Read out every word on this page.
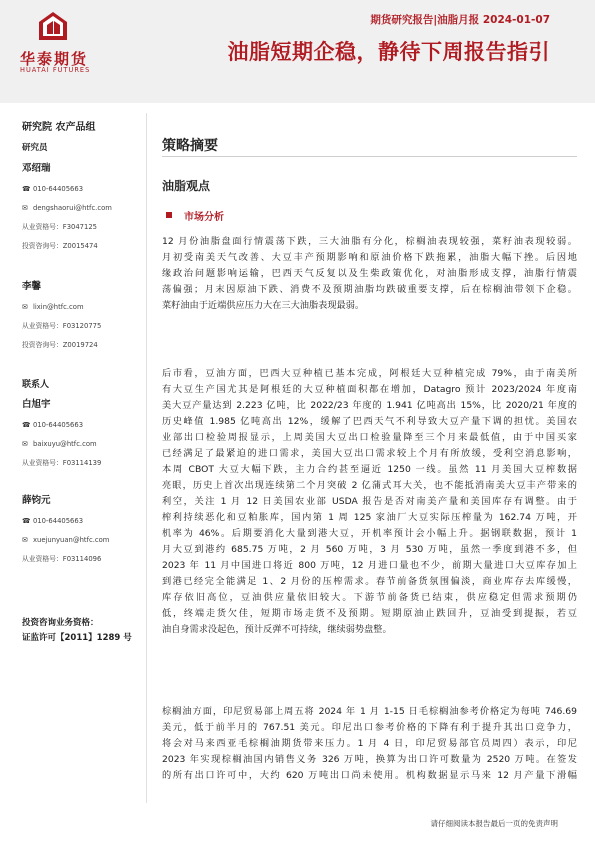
华泰期货
HUATAI FUTURES
期货研究报告|油脂月报 2024-01-07
油脂短期企稳，静待下周报告指引
研究院 农产品组
研究员
邓绍瑞
☎ 010-64405663
✉ dengshaorui@htfc.com
从业资格号：F3047125
投资咨询号：Z0015474
李馨
✉ lixin@htfc.com
从业资格号：F03120775
投资咨询号：Z0019724
联系人
白旭宇
☎ 010-64405663
✉ baixuyu@htfc.com
从业资格号：F03114139
薛钧元
☎ 010-64405663
✉ xuejunyuan@htfc.com
从业资格号：F03114096
投资咨询业务资格：
证监许可【2011】1289 号
策略摘要
油脂观点
市场分析
12 月份油脂盘面行情震荡下跌，三大油脂有分化，棕榈油表现较强，菜籽油表现较弱。
月初受南美天气改善、大豆丰产预期影响和原油价格下跌拖累，油脂大幅下挫。后因地
缘政治问题影响运输，巴西天气反复以及生柴政策优化，对油脂形成支撑，油脂行情震
荡偏强；月末因原油下跌、消费不及预期油脂均跌破重要支撑，后在棕榈油带领下企稳。
菜籽油由于近端供应压力大在三大油脂表现最弱。
后市看，豆油方面，巴西大豆种植已基本完成，阿根廷大豆种植完成 79%，由于南美所
有大豆生产国尤其是阿根廷的大豆种植面积都在增加，Datagro 预计 2023/2024 年度南
美大豆产量达到 2.223 亿吨，比 2022/23 年度的 1.941 亿吨高出 15%，比 2020/21 年度的
历史峰值 1.985 亿吨高出 12%，缓解了巴西天气不利导致大豆产量下调的担忧。美国农
业部出口检验周报显示，上周美国大豆出口检验量降至三个月来最低值，由于中国买家
已经满足了最紧迫的进口需求，美国大豆出口需求较上个月有所放缓，受利空消息影响，
本周 CBOT 大豆大幅下跌，主力合约甚至逼近 1250 一线。虽然 11 月美国大豆榨数据
亮眼，历史上首次出现连续第二个月突破 2 亿蒲式耳大关，也不能抵消南美大豆丰产带来的
利空，关注 1 月 12 日美国农业部 USDA 报告是否对南美产量和美国库存有调整。由于
榨利持续恶化和豆粕胀库，国内第 1 周 125 家油厂大豆实际压榨量为 162.74 万吨，开
机率为 46%。后期要消化大量到港大豆，开机率预计会小幅上升。据钢联数据，预计 1
月大豆到港约 685.75 万吨，2 月 560 万吨，3 月 530 万吨，虽然一季度到港不多，但
2023 年 11 月中国进口将近 800 万吨，12 月进口量也不少，前期大量进口大豆库存加上
到港已经完全能满足 1、2 月份的压榨需求。春节前备货氛围偏淡，商业库存去库缓慢，
库存依旧高位，豆油供应量依旧较大。下游节前备货已结束，供应稳定但需求预期仍
低，终端走货欠佳，短期市场走货不及预期。短期原油止跌回升，豆油受到提振，若豆
油自身需求没起色，预计反弹不可持续，继续弱势盘整。
棕榈油方面，印尼贸易部上周五将 2024 年 1 月 1-15 日毛棕榈油参考价格定为每吨 746.69
美元，低于前半月的 767.51 美元。印尼出口参考价格的下降有利于提升其出口竞争力，
将会对马来西亚毛棕榈油期货带来压力。1 月 4 日，印尼贸易部官员周四）表示，印尼
2023 年实现棕榈油国内销售义务 326 万吨，换算为出口许可数量为 2520 万吨。在签发
的所有出口许可中，大约 620 万吨出口尚未使用。机构数据显示马来 12 月产量下滑幅
请仔细阅读本报告最后一页的免责声明
